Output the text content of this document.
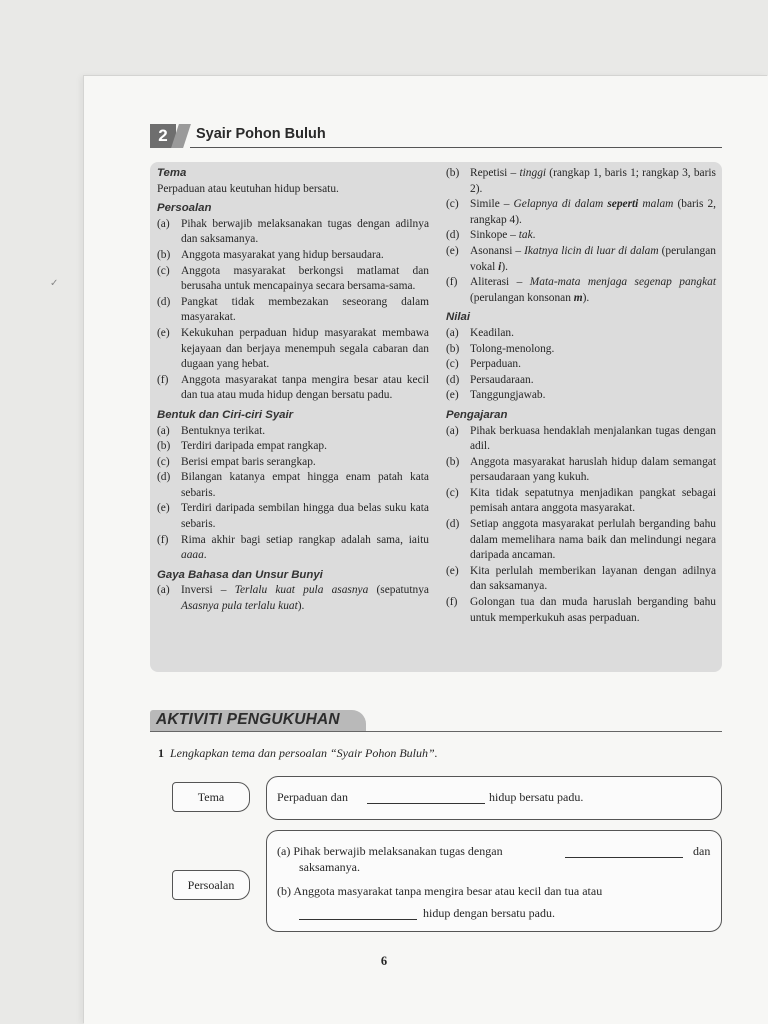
✓
2	Syair Pohon Buluh
Tema

Perpaduan atau keutuhan hidup bersatu.

Persoalan
(a) Pihak berwajib melaksanakan tugas dengan adilnya dan saksamanya.
(b) Anggota masyarakat yang hidup bersaudara.
(c) Anggota masyarakat berkongsi matlamat dan berusaha untuk mencapainya secara bersama-sama.
(d) Pangkat tidak membezakan seseorang dalam masyarakat.
(e) Kekukuhan perpaduan hidup masyarakat membawa kejayaan dan berjaya menempuh segala cabaran dan dugaan yang hebat.
(f) Anggota masyarakat tanpa mengira besar atau kecil dan tua atau muda hidup dengan bersatu padu.
Bentuk dan Ciri-ciri Syair
(a) Bentuknya terikat.
(b) Terdiri daripada empat rangkap.
(c) Berisi empat baris serangkap.
(d) Bilangan katanya empat hingga enam patah kata sebaris.
(e) Terdiri daripada sembilan hingga dua belas suku kata sebaris.
(f) Rima akhir bagi setiap rangkap adalah sama, iaitu aaaa.
Gaya Bahasa dan Unsur Bunyi
(a) Inversi – Terlalu kuat pula asasnya (sepatutnya Asasnya pula terlalu kuat).
(b) Repetisi – tinggi (rangkap 1, baris 1; rangkap 3, baris 2).
(c) Simile – Gelapnya di dalam seperti malam (baris 2, rangkap 4).
(d) Sinkope – tak.
(e) Asonansi – Ikatnya licin di luar di dalam (perulangan vokal i).
(f) Aliterasi – Mata-mata menjaga segenap pangkat (perulangan konsonan m).
Nilai
(a) Keadilan.
(b) Tolong-menolong.
(c) Perpaduan.
(d) Persaudaraan.
(e) Tanggungjawab.
Pengajaran
(a) Pihak berkuasa hendaklah menjalankan tugas dengan adil.
(b) Anggota masyarakat haruslah hidup dalam semangat persaudaraan yang kukuh.
(c) Kita tidak sepatutnya menjadikan pangkat sebagai pemisah antara anggota masyarakat.
(d) Setiap anggota masyarakat perlulah berganding bahu dalam memelihara nama baik dan melindungi negara daripada ancaman.
(e) Kita perlulah memberikan layanan dengan adilnya dan saksamanya.
(f) Golongan tua dan muda haruslah berganding bahu untuk memperkukuh asas perpaduan.
AKTIVITI PENGUKUHAN
1 Lengkapkan tema dan persoalan “Syair Pohon Buluh”.
Tema	Perpaduan dan	hidup bersatu padu.
Persoalan
(a) Pihak berwajib melaksanakan tugas dengan	dan
saksamanya.
(b) Anggota masyarakat tanpa mengira besar atau kecil dan tua atau
hidup dengan bersatu padu.
6
